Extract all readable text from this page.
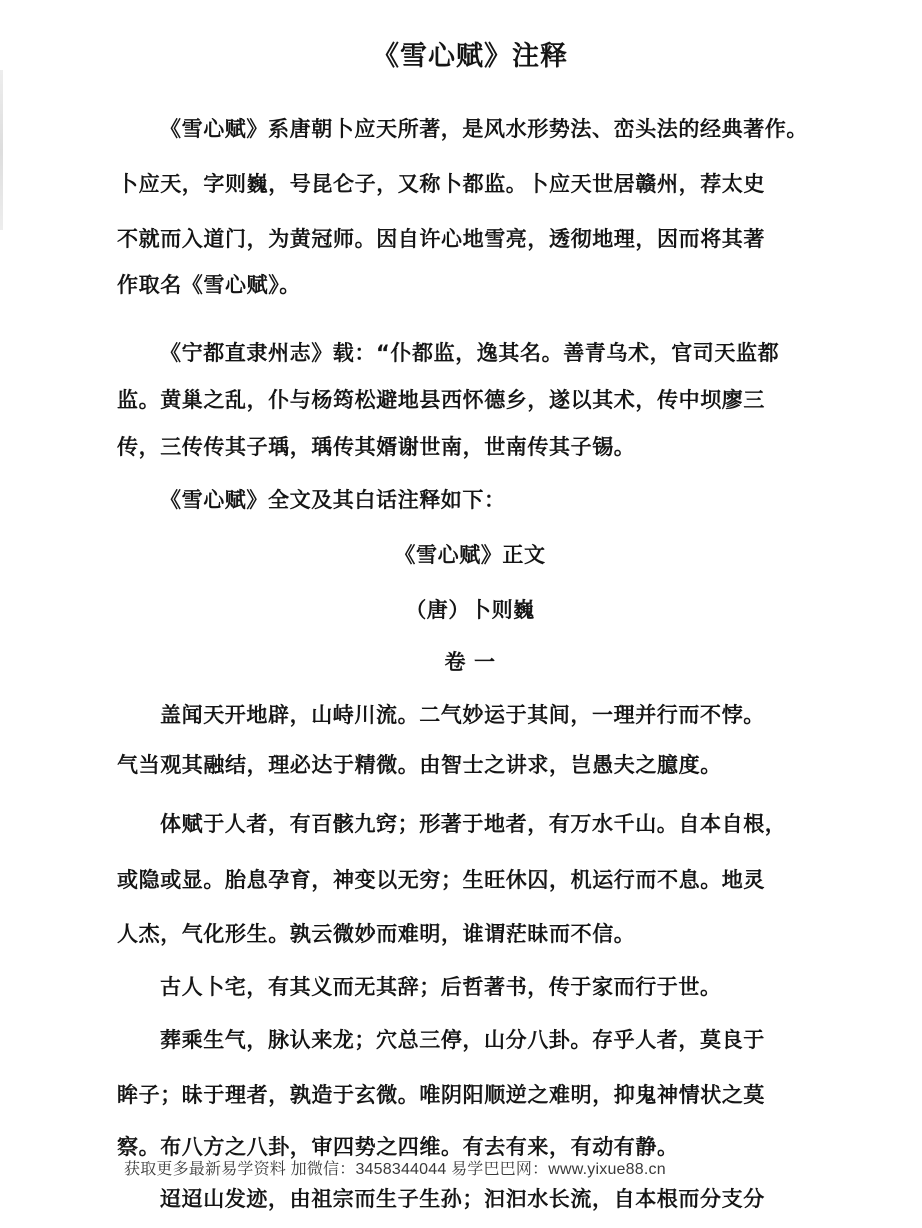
《雪心赋》注释
《雪心赋》系唐朝卜应天所著，是风水形势法、峦头法的经典著作。
卜应天，字则巍，号昆仑子，又称卜都监。卜应天世居赣州，荐太史
不就而入道门，为黄冠师。因自许心地雪亮，透彻地理，因而将其著
作取名《雪心赋》。
《宁都直隶州志》载：“仆都监，逸其名。善青乌术，官司天监都
监。黄巢之乱，仆与杨筠松避地县西怀德乡，遂以其术，传中坝廖三
传，三传传其子瑀，瑀传其婿谢世南，世南传其子锡。
《雪心赋》全文及其白话注释如下：
《雪心赋》正文
（唐）卜则巍
卷 一
盖闻天开地辟，山峙川流。二气妙运于其间，一理并行而不悖。
气当观其融结，理必达于精微。由智士之讲求，岂愚夫之臆度。
体赋于人者，有百骸九窍；形著于地者，有万水千山。自本自根，
或隐或显。胎息孕育，神变以无穷；生旺休囚，机运行而不息。地灵
人杰，气化形生。孰云微妙而难明，谁谓茫昧而不信。
古人卜宅，有其义而无其辞；后哲著书，传于家而行于世。
葬乘生气，脉认来龙；穴总三停，山分八卦。存乎人者，莫良于
眸子；昧于理者，孰造于玄微。唯阴阳顺逆之难明，抑鬼神情状之莫
察。布八方之八卦，审四势之四维。有去有来，有动有静。
获取更多最新易学资料 加微信：3458344044 易学巴巴网：www.yixue88.cn
迢迢山发迹，由祖宗而生子生孙；汩汩水长流，自本根而分支分
